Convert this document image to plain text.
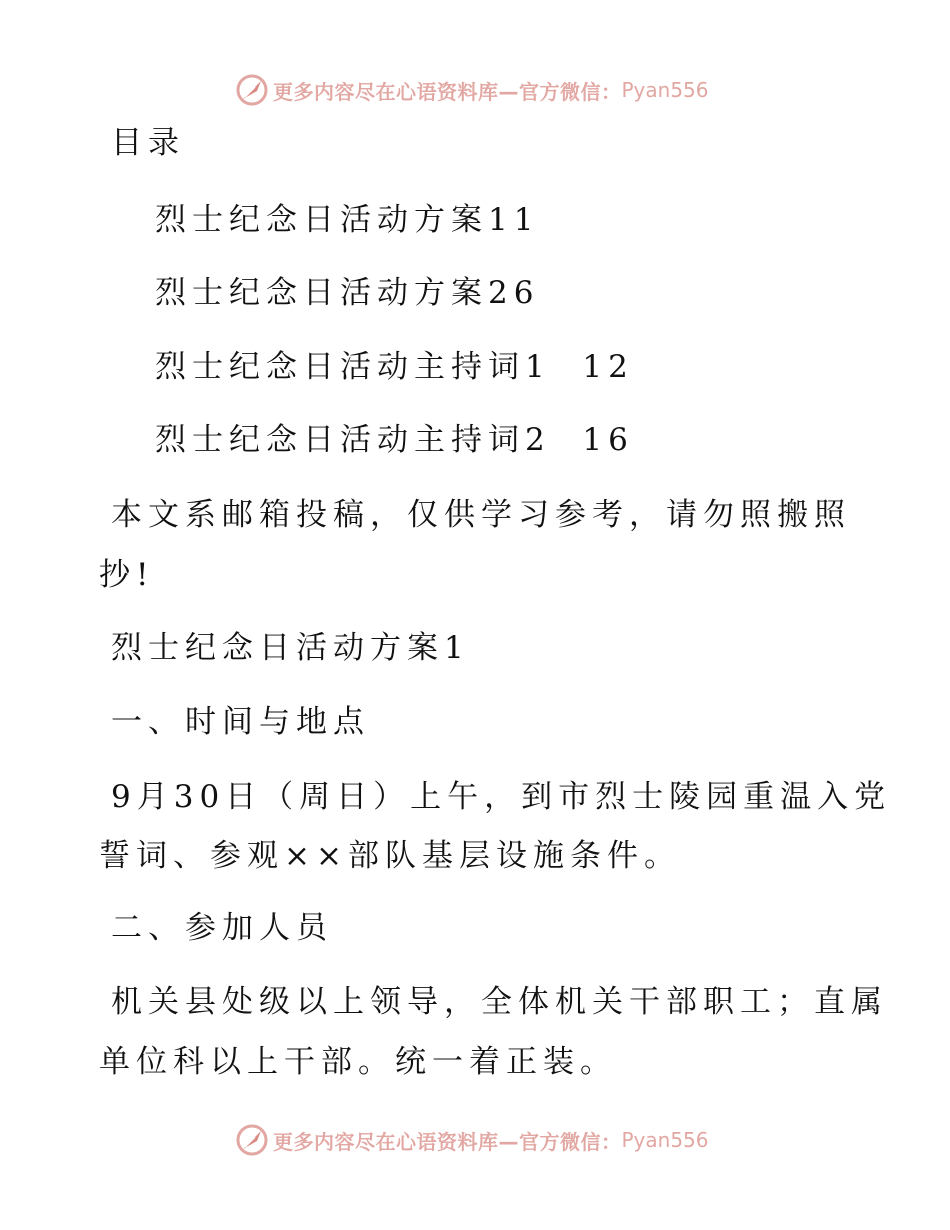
更多内容尽在心语资料库—官方微信： Pyan556
目录
烈士纪念日活动方案11
烈士纪念日活动方案26
烈士纪念日活动主持词1  12
烈士纪念日活动主持词2  16
本文系邮箱投稿，仅供学习参考，请勿照搬照
抄!
烈士纪念日活动方案1
一、时间与地点
9月30日（周日）上午，到市烈士陵园重温入党
誓词、参观××部队基层设施条件。
二、参加人员
机关县处级以上领导，全体机关干部职工；直属
单位科以上干部。统一着正装。
更多内容尽在心语资料库—官方微信： Pyan556
